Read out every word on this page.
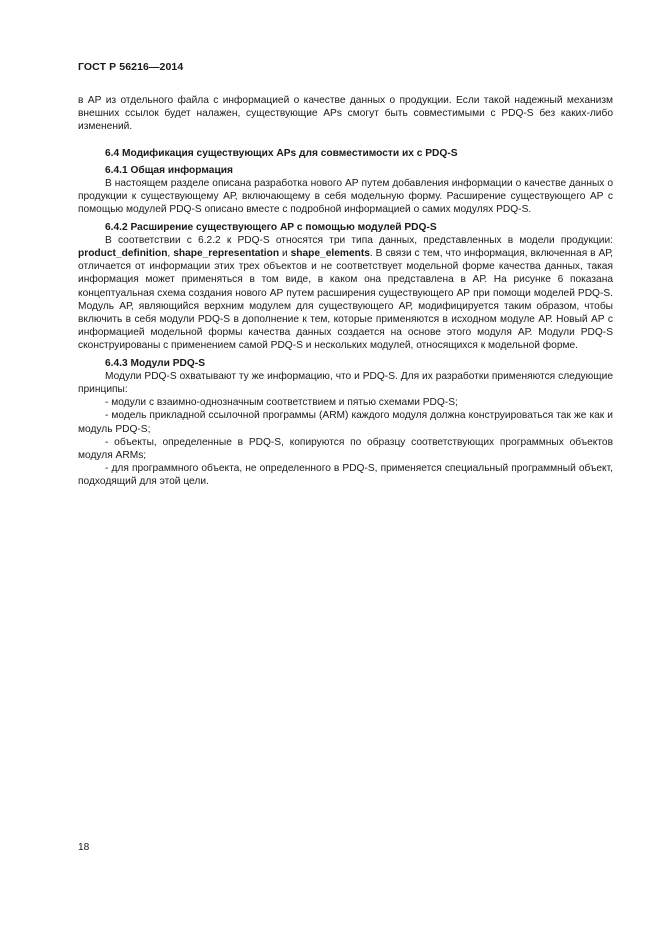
ГОСТ Р 56216—2014

в АР из отдельного файла с информацией о качестве данных о продукции. Если такой надежный механизм внешних ссылок будет налажен, существующие APs смогут быть совместимыми с PDQ-S без каких-либо изменений.

6.4 Модификация существующих APs для совместимости их с PDQ-S

6.4.1 Общая информация

В настоящем разделе описана разработка нового АР путем добавления информации о качестве данных о продукции к существующему АР, включающему в себя модельную форму. Расширение существующего АР с помощью модулей PDQ-S описано вместе с подробной информацией о самих модулях PDQ-S.

6.4.2 Расширение существующего АР с помощью модулей PDQ-S

В соответствии с 6.2.2 к PDQ-S относятся три типа данных, представленных в модели продукции: product_definition, shape_representation и shape_elements. В связи с тем, что информация, включенная в АР, отличается от информации этих трех объектов и не соответствует модельной форме качества данных, такая информация может применяться в том виде, в каком она представлена в АР. На рисунке 6 показана концептуальная схема создания нового АР путем расширения существующего АР при помощи моделей PDQ-S. Модуль АР, являющийся верхним модулем для существующего АР, модифицируется таким образом, чтобы включить в себя модули PDQ-S в дополнение к тем, которые применяются в исходном модуле АР. Новый АР с информацией модельной формы качества данных создается на основе этого модуля АР. Модули PDQ-S сконструированы с применением самой PDQ-S и нескольких модулей, относящихся к модельной форме.

6.4.3 Модули PDQ-S

Модули PDQ-S охватывают ту же информацию, что и PDQ-S. Для их разработки применяются следующие принципы:

- модули с взаимно-однозначным соответствием и пятью схемами PDQ-S;

- модель прикладной ссылочной программы (ARM) каждого модуля должна конструироваться так же как и модуль PDQ-S;

- объекты, определенные в PDQ-S, копируются по образцу соответствующих программных объектов модуля ARMs;

- для программного объекта, не определенного в PDQ-S, применяется специальный программный объект, подходящий для этой цели.

18
